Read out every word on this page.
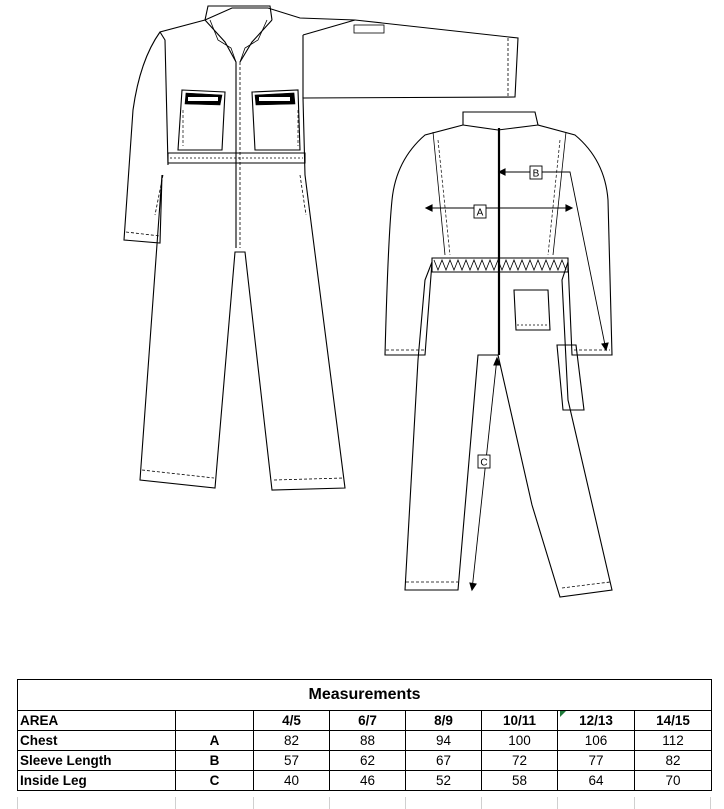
A
B
C
Measurements							
AREA		4/5	6/7	8/9	10/11	12/13	14/15
Chest	A	82	88	94	100	106	112
Sleeve Length	B	57	62	67	72	77	82
Inside Leg	C	40	46	52	58	64	70
